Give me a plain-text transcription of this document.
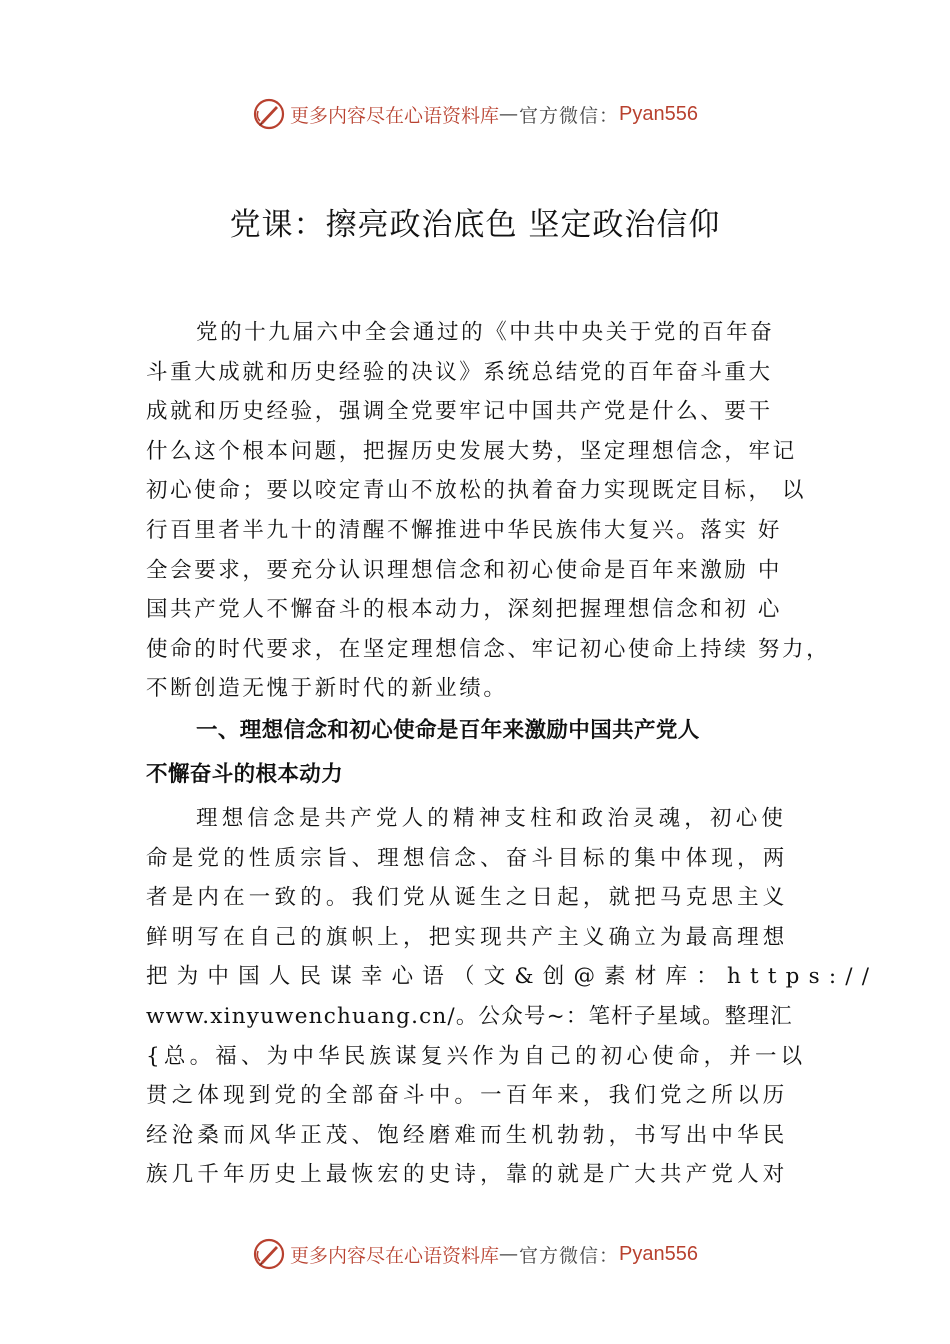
更多内容尽在心语资料库 — 官方微信： Pyan556
党课：擦亮政治底色 坚定政治信仰
党的十九届六中全会通过的《中共中央关于党的百年奋
斗重大成就和历史经验的决议》系统总结党的百年奋斗重大
成就和历史经验，强调全党要牢记中国共产党是什么、要干
什么这个根本问题，把握历史发展大势，坚定理想信念，牢记
初心使命；要以咬定青山不放松的执着奋力实现既定目标， 以
行百里者半九十的清醒不懈推进中华民族伟大复兴。落实 好
全会要求，要充分认识理想信念和初心使命是百年来激励 中
国共产党人不懈奋斗的根本动力，深刻把握理想信念和初 心
使命的时代要求，在坚定理想信念、牢记初心使命上持续 努力，
不断创造无愧于新时代的新业绩。
一、理想信念和初心使命是百年来激励中国共产党人
不懈奋斗的根本动力
理想信念是共产党人的精神支柱和政治灵魂，初心使
命是党的性质宗旨、理想信念、奋斗目标的集中体现，两
者是内在一致的。我们党从诞生之日起，就把马克思主义
鲜明写在自己的旗帜上，把实现共产主义确立为最高理想
把为中国人民谋幸心语（文&创@素材库：https://
www.xinyuwenchuang.cn/。公众号~：笔杆子星域。整理汇
{总。福、为中华民族谋复兴作为自己的初心使命，并一以
贯之体现到党的全部奋斗中。一百年来，我们党之所以历
经沧桑而风华正茂、饱经磨难而生机勃勃，书写出中华民
族几千年历史上最恢宏的史诗，靠的就是广大共产党人对
更多内容尽在心语资料库 — 官方微信： Pyan556
